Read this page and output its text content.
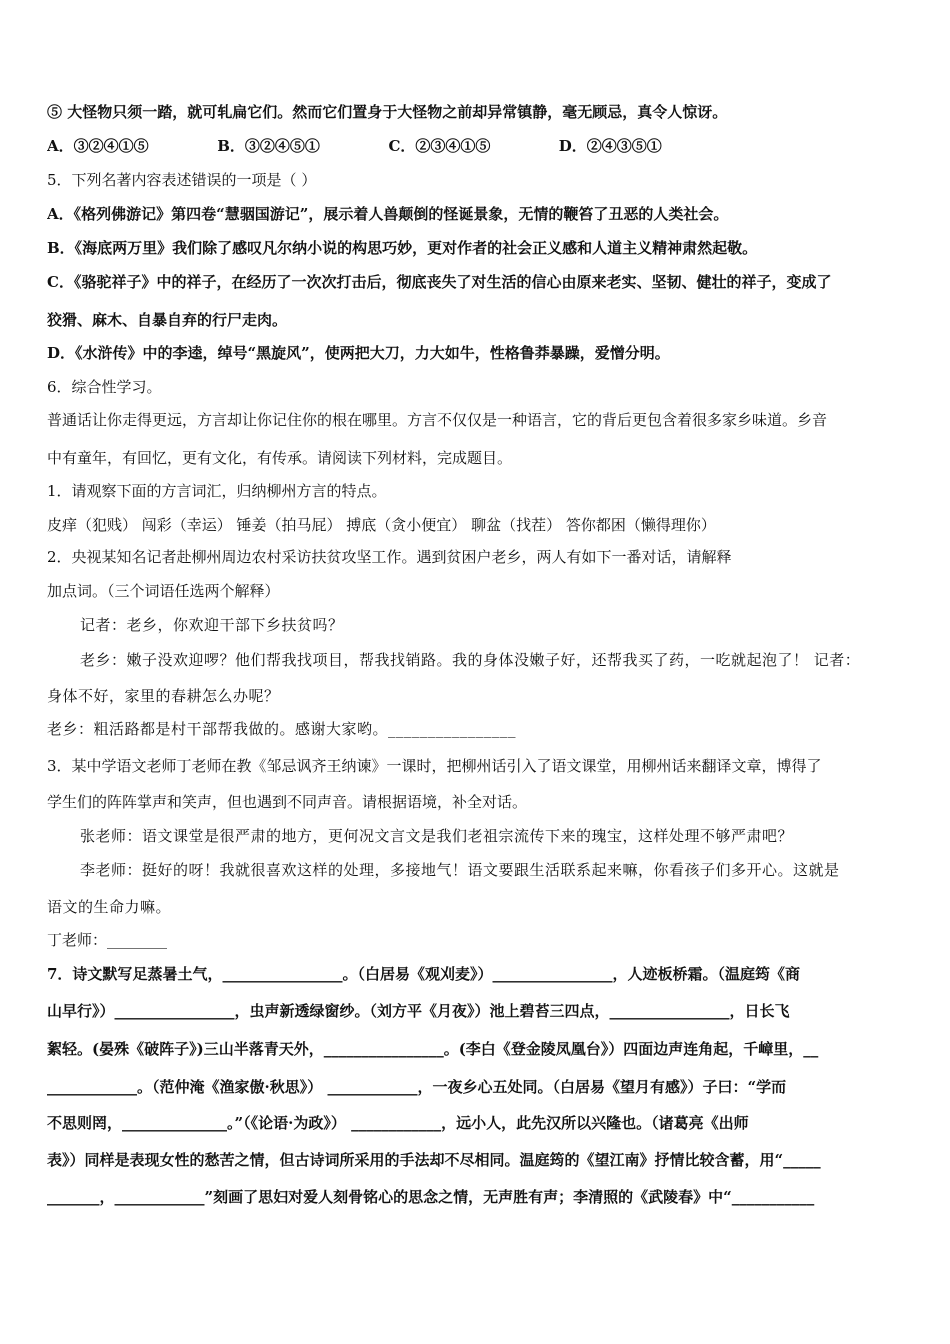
⑤ 大怪物只须一踏，就可轧扁它们。然而它们置身于大怪物之前却异常镇静，毫无顾忌，真令人惊讶。
A．③②④①⑤	B．③②④⑤①	C．②③④①⑤	D．②④③⑤①
5．下列名著内容表述错误的一项是（ ）
A．《格列佛游记》第四卷“慧骃国游记”，展示着人兽颠倒的怪诞景象，无情的鞭笞了丑恶的人类社会。
B．《海底两万里》我们除了感叹凡尔纳小说的构思巧妙，更对作者的社会正义感和人道主义精神肃然起敬。
C．《骆驼祥子》中的祥子，在经历了一次次打击后，彻底丧失了对生活的信心由原来老实、坚韧、健壮的祥子，变成了
狡猾、麻木、自暴自弃的行尸走肉。
D．《水浒传》中的李逵，绰号“黑旋风”，使两把大刀，力大如牛，性格鲁莽暴躁，爱憎分明。
6．综合性学习。
普通话让你走得更远，方言却让你记住你的根在哪里。方言不仅仅是一种语言，它的背后更包含着很多家乡味道。乡音
中有童年，有回忆，更有文化，有传承。请阅读下列材料，完成题目。
1．请观察下面的方言词汇，归纳柳州方言的特点。
皮痒（犯贱） 闯彩（幸运） 锤姜（拍马屁） 搏底（贪小便宜） 聊盆（找茬） 答你都困（懒得理你）
2．央视某知名记者赴柳州周边农村采访扶贫攻坚工作。遇到贫困户老乡，两人有如下一番对话，请解释
加点词。（三个词语任选两个解释）
记者：老乡，你欢迎干部下乡扶贫吗？
老乡：嫩子没欢迎啰？他们帮我找项目，帮我找销路。我的身体没嫩子好，还帮我买了药，一吃就起泡了！ 记者：
身体不好，家里的春耕怎么办呢？
老乡：粗活路都是村干部帮我做的。感谢大家哟。________________
3．某中学语文老师丁老师在教《邹忌讽齐王纳谏》一课时，把柳州话引入了语文课堂，用柳州话来翻译文章，博得了
学生们的阵阵掌声和笑声，但也遇到不同声音。请根据语境，补全对话。
张老师：语文课堂是很严肃的地方，更何况文言文是我们老祖宗流传下来的瑰宝，这样处理不够严肃吧？
李老师：挺好的呀！我就很喜欢这样的处理，多接地气！语文要跟生活联系起来嘛，你看孩子们多开心。这就是
语文的生命力嘛。
丁老师：________
7．诗文默写足蒸暑土气，________________。（白居易《观刈麦》）________________，人迹板桥霜。（温庭筠《商
山早行》）________________，虫声新透绿窗纱。（刘方平《月夜》）池上碧苔三四点，________________，日长飞
絮轻。(晏殊《破阵子》)三山半落青天外，________________。(李白《登金陵凤凰台》）四面边声连角起，千嶂里，__
____________。（范仲淹《渔家傲·秋思》） ____________，一夜乡心五处同。（白居易《望月有感》）子曰：“学而
不思则罔，______________。”（《论语·为政》） ____________，远小人，此先汉所以兴隆也。（诸葛亮《出师
表》）同样是表现女性的愁苦之情，但古诗词所采用的手法却不尽相同。温庭筠的《望江南》抒情比较含蓄，用“_____
_______，____________”刻画了思妇对爱人刻骨铭心的思念之情，无声胜有声；李清照的《武陵春》中“___________
